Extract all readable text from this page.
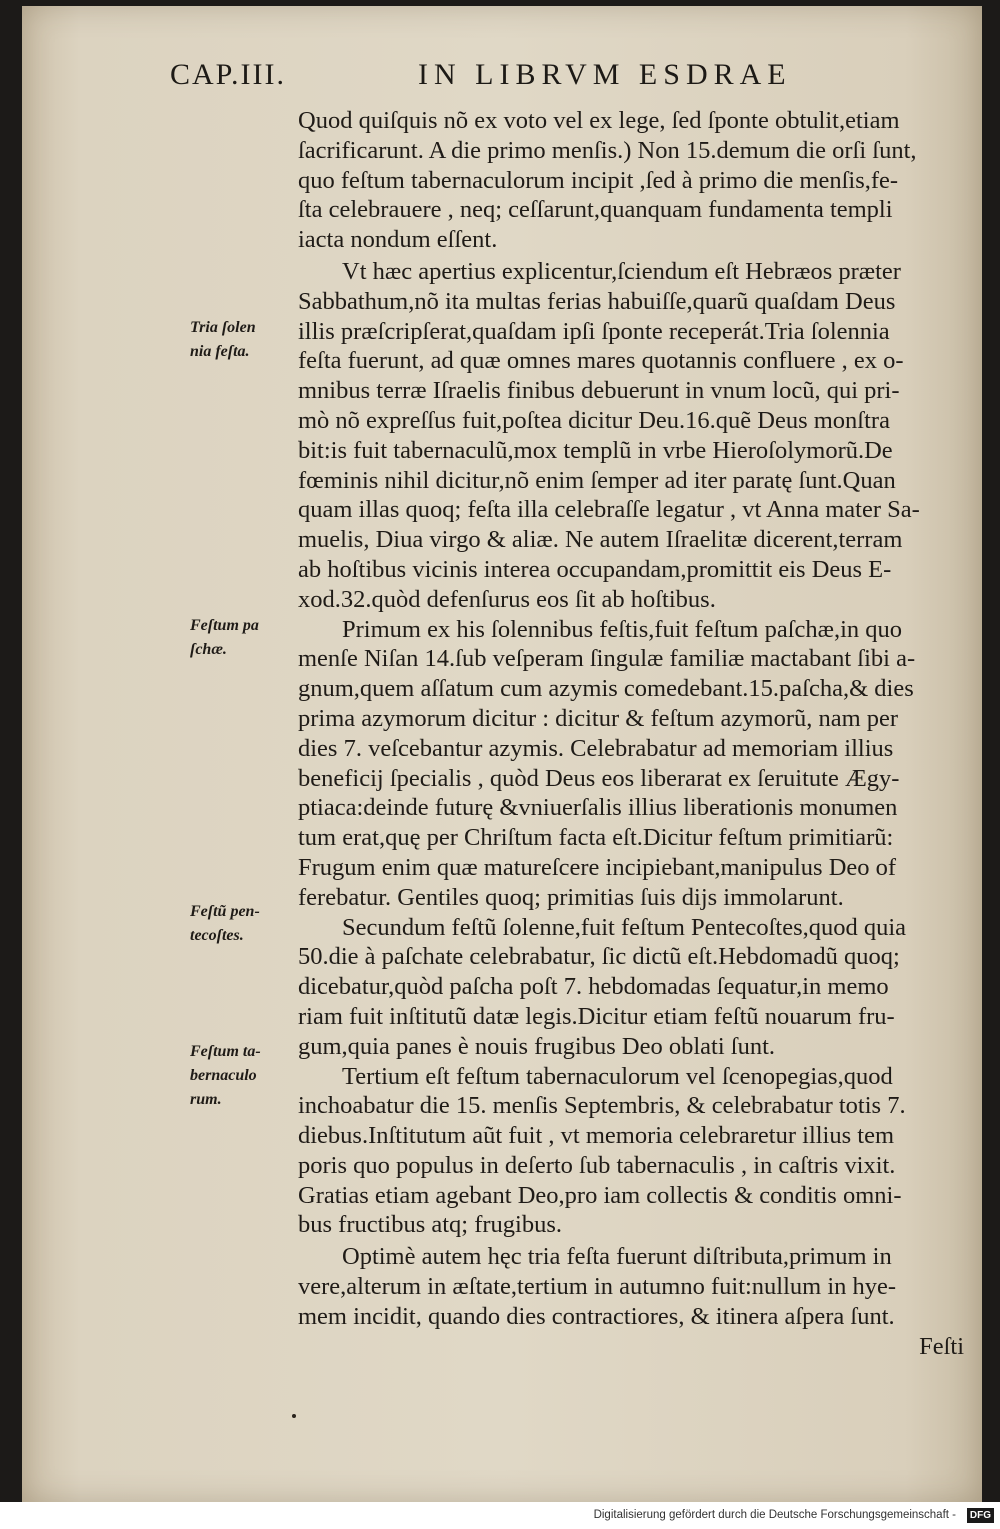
CAP.III.	IN LIBRVM ESDRAE
Quod quiſquis nõ ex voto vel ex lege, ſed ſponte obtulit,etiam
ſacrificarunt. A die primo menſis.) Non 15.demum die orſi ſunt,
quo feſtum tabernaculorum incipit ,ſed à primo die menſis,fe-
ſta celebrauere , neq; ceſſarunt,quanquam fundamenta templi
iacta nondum eſſent.
Vt hæc apertius explicentur,ſciendum eſt Hebræos præter
Sabbathum,nõ ita multas ferias habuiſſe,quarũ quaſdam Deus
illis præſcripſerat,quaſdam ipſi ſponte receperát.Tria ſolennia
feſta fuerunt, ad quæ omnes mares quotannis confluere , ex o-
mnibus terræ Iſraelis finibus debuerunt in vnum locũ, qui pri-
mò nõ expreſſus fuit,poſtea dicitur Deu.16.quẽ Deus monſtra
bit:is fuit tabernaculũ,mox templũ in vrbe Hieroſolymorũ.De
fœminis nihil dicitur,nõ enim ſemper ad iter paratę ſunt.Quan
quam illas quoq; feſta illa celebraſſe legatur , vt Anna mater Sa-
muelis, Diua virgo & aliæ. Ne autem Iſraelitæ dicerent,terram
ab hoſtibus vicinis interea occupandam,promittit eis Deus E-
xod.32.quòd defenſurus eos ſit ab hoſtibus.
Primum ex his ſolennibus feſtis,fuit feſtum paſchæ,in quo
menſe Niſan 14.ſub veſperam ſingulæ familiæ mactabant ſibi a-
gnum,quem aſſatum cum azymis comedebant.15.paſcha,& dies
prima azymorum dicitur : dicitur & feſtum azymorũ, nam per
dies 7. veſcebantur azymis. Celebrabatur ad memoriam illius
beneficij ſpecialis , quòd Deus eos liberarat ex ſeruitute Ægy-
ptiaca:deinde futurę &vniuerſalis illius liberationis monumen
tum erat,quę per Chriſtum facta eſt.Dicitur feſtum primitiarũ:
Frugum enim quæ matureſcere incipiebant,manipulus Deo of
ferebatur. Gentiles quoq; primitias ſuis dijs immolarunt.
Secundum feſtũ ſolenne,fuit feſtum Pentecoſtes,quod quia
50.die à paſchate celebrabatur, ſic dictũ eſt.Hebdomadũ quoq;
dicebatur,quòd paſcha poſt 7. hebdomadas ſequatur,in memo
riam fuit inſtitutũ datæ legis.Dicitur etiam feſtũ nouarum fru-
gum,quia panes è nouis frugibus Deo oblati ſunt.
Tertium eſt feſtum tabernaculorum vel ſcenopegias,quod
inchoabatur die 15. menſis Septembris, & celebrabatur totis 7.
diebus.Inſtitutum aũt fuit , vt memoria celebraretur illius tem
poris quo populus in deſerto ſub tabernaculis , in caſtris vixit.
Gratias etiam agebant Deo,pro iam collectis & conditis omni-
bus fructibus atq; frugibus.
Optimè autem hęc tria feſta fuerunt diſtributa,primum in
vere,alterum in æſtate,tertium in autumno fuit:nullum in hye-
mem incidit, quando dies contractiores, & itinera aſpera ſunt.
Feſti
Tria ſolen
nia feſta.
Feſtum pa
ſchæ.
Feſtũ pen-
tecoſtes.
Feſtum ta-
bernaculo
rum.
Digitalisierung gefördert durch die Deutsche Forschungsgemeinschaft -	DFG
